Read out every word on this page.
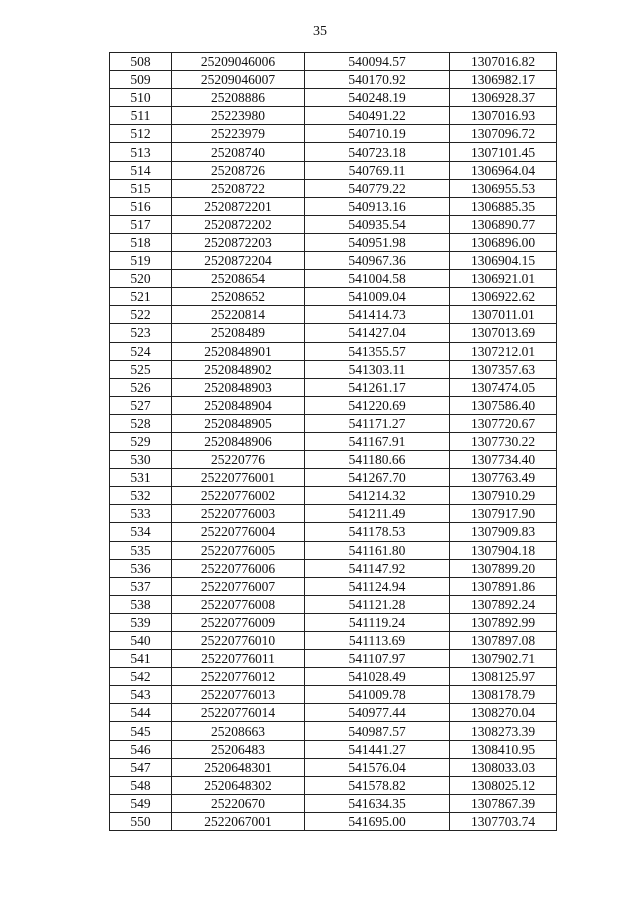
35
508	25209046006	540094.57	1307016.82
509	25209046007	540170.92	1306982.17
510	25208886	540248.19	1306928.37
511	25223980	540491.22	1307016.93
512	25223979	540710.19	1307096.72
513	25208740	540723.18	1307101.45
514	25208726	540769.11	1306964.04
515	25208722	540779.22	1306955.53
516	2520872201	540913.16	1306885.35
517	2520872202	540935.54	1306890.77
518	2520872203	540951.98	1306896.00
519	2520872204	540967.36	1306904.15
520	25208654	541004.58	1306921.01
521	25208652	541009.04	1306922.62
522	25220814	541414.73	1307011.01
523	25208489	541427.04	1307013.69
524	2520848901	541355.57	1307212.01
525	2520848902	541303.11	1307357.63
526	2520848903	541261.17	1307474.05
527	2520848904	541220.69	1307586.40
528	2520848905	541171.27	1307720.67
529	2520848906	541167.91	1307730.22
530	25220776	541180.66	1307734.40
531	25220776001	541267.70	1307763.49
532	25220776002	541214.32	1307910.29
533	25220776003	541211.49	1307917.90
534	25220776004	541178.53	1307909.83
535	25220776005	541161.80	1307904.18
536	25220776006	541147.92	1307899.20
537	25220776007	541124.94	1307891.86
538	25220776008	541121.28	1307892.24
539	25220776009	541119.24	1307892.99
540	25220776010	541113.69	1307897.08
541	25220776011	541107.97	1307902.71
542	25220776012	541028.49	1308125.97
543	25220776013	541009.78	1308178.79
544	25220776014	540977.44	1308270.04
545	25208663	540987.57	1308273.39
546	25206483	541441.27	1308410.95
547	2520648301	541576.04	1308033.03
548	2520648302	541578.82	1308025.12
549	25220670	541634.35	1307867.39
550	2522067001	541695.00	1307703.74
